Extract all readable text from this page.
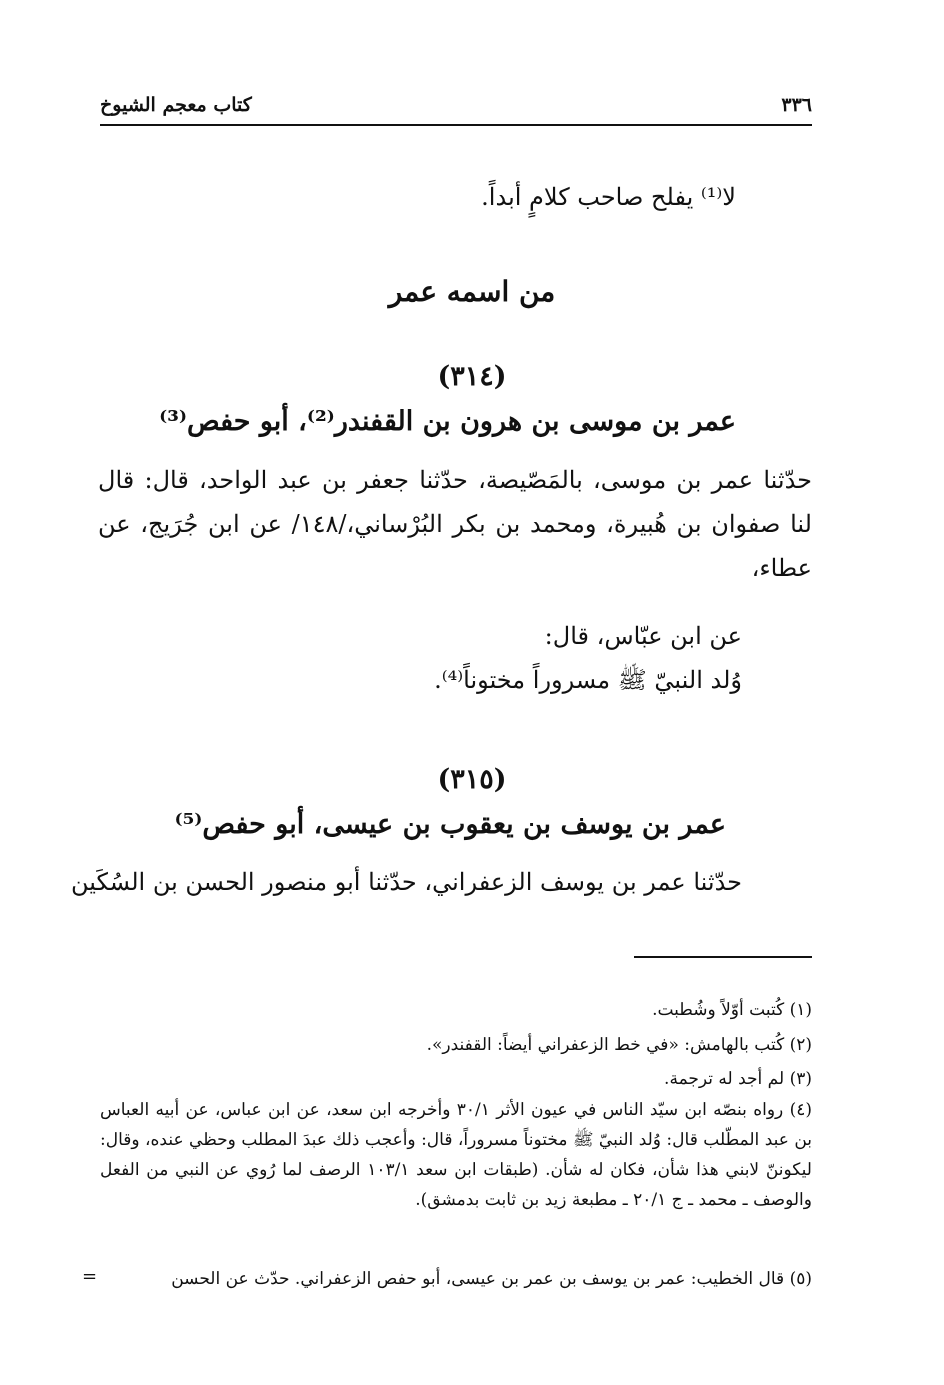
٣٣٦
كتاب معجم الشيوخ
لا⁽¹⁾ يفلح صاحب كلامٍ أبداً.
من اسمه عمر
(٣١٤)
عمر بن موسى بن هرون بن القفندر⁽²⁾، أبو حفص⁽³⁾
حدّثنا عمر بن موسى، بالمَصّيصة، حدّثنا جعفر بن عبد الواحد، قال: قال لنا صفوان بن هُبيرة، ومحمد بن بكر البُرْساني،/١٤٨/ عن ابن جُرَيج، عن عطاء،
عن ابن عبّاس، قال:
وُلد النبيّ ﷺ مسروراً مختوناً⁽⁴⁾.
(٣١٥)
عمر بن يوسف بن يعقوب بن عيسى، أبو حفص⁽⁵⁾
حدّثنا عمر بن يوسف الزعفراني، حدّثنا أبو منصور الحسن بن السُكَين
(١) كُتبت أوّلاً وشُطبت.
(٢) كُتب بالهامش: «في خط الزعفراني أيضاً: القفندر».
(٣) لم أجد له ترجمة.
(٤) رواه بنصّه ابن سيّد الناس في عيون الأثر ٣٠/١ وأخرجه ابن سعد، عن ابن عباس، عن أبيه العباس بن عبد المطّلب قال: وُلد النبيّ ﷺ مختوناً مسروراً، قال: وأعجب ذلك عبدَ المطلب وحظي عنده، وقال: ليكوننّ لابني هذا شأن، فكان له شأن. (طبقات ابن سعد ١٠٣/١ الرصف لما رُوي عن النبي من الفعل والوصف ـ محمد ـ ج ٢٠/١ ـ مطبعة زيد بن ثابت بدمشق).
(٥) قال الخطيب: عمر بن يوسف بن عمر بن عيسى، أبو حفص الزعفراني. حدّث عن الحسن
=
